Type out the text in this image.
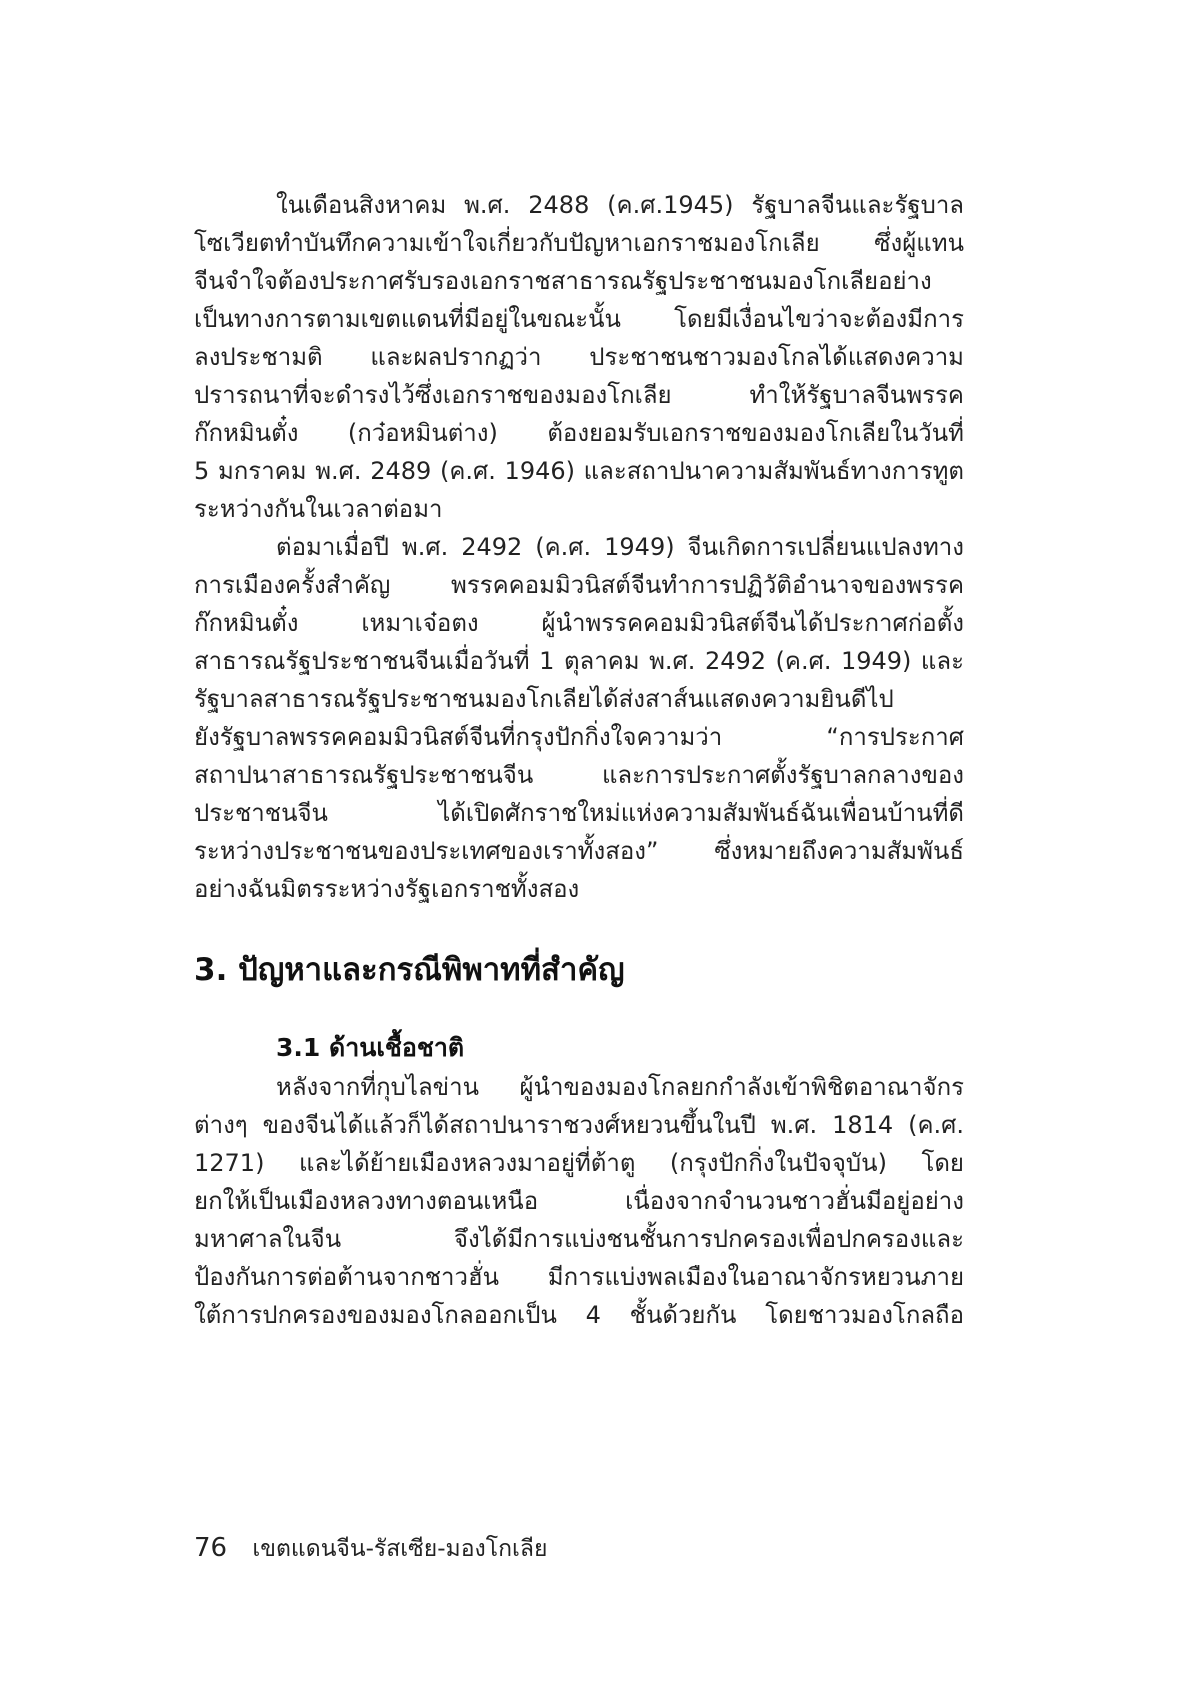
ในเดือนสิงหาคม พ.ศ. 2488 (ค.ศ.1945) รัฐบาลจีนและรัฐบาล
โซเวียตทำบันทึกความเข้าใจเกี่ยวกับปัญหาเอกราชมองโกเลีย ซึ่งผู้แทน
จีนจำใจต้องประกาศรับรองเอกราชสาธารณรัฐประชาชนมองโกเลียอย่าง
เป็นทางการตามเขตแดนที่มีอยู่ในขณะนั้น โดยมีเงื่อนไขว่าจะต้องมีการ
ลงประชามติ และผลปรากฏว่า ประชาชนชาวมองโกลได้แสดงความ
ปรารถนาที่จะดำรงไว้ซึ่งเอกราชของมองโกเลีย ทำให้รัฐบาลจีนพรรค
ก๊กหมินตั๋ง (กว๋อหมินต่าง) ต้องยอมรับเอกราชของมองโกเลียในวันที่
5 มกราคม พ.ศ. 2489 (ค.ศ. 1946) และสถาปนาความสัมพันธ์ทางการทูต
ระหว่างกันในเวลาต่อมา
ต่อมาเมื่อปี พ.ศ. 2492 (ค.ศ. 1949) จีนเกิดการเปลี่ยนแปลงทาง
การเมืองครั้งสำคัญ พรรคคอมมิวนิสต์จีนทำการปฏิวัติอำนาจของพรรค
ก๊กหมินตั๋ง เหมาเจ๋อตง ผู้นำพรรคคอมมิวนิสต์จีนได้ประกาศก่อตั้ง
สาธารณรัฐประชาชนจีนเมื่อวันที่ 1 ตุลาคม พ.ศ. 2492 (ค.ศ. 1949) และ
รัฐบาลสาธารณรัฐประชาชนมองโกเลียได้ส่งสาส์นแสดงความยินดีไป
ยังรัฐบาลพรรคคอมมิวนิสต์จีนที่กรุงปักกิ่งใจความว่า “การประกาศ
สถาปนาสาธารณรัฐประชาชนจีน และการประกาศตั้งรัฐบาลกลางของ
ประชาชนจีน ได้เปิดศักราชใหม่แห่งความสัมพันธ์ฉันเพื่อนบ้านที่ดี
ระหว่างประชาชนของประเทศของเราทั้งสอง” ซึ่งหมายถึงความสัมพันธ์
อย่างฉันมิตรระหว่างรัฐเอกราชทั้งสอง
3. ปัญหาและกรณีพิพาทที่สำคัญ
3.1 ด้านเชื้อชาติ
หลังจากที่กุบไลข่าน ผู้นำของมองโกลยกกำลังเข้าพิชิตอาณาจักร
ต่างๆ ของจีนได้แล้วก็ได้สถาปนาราชวงศ์หยวนขึ้นในปี พ.ศ. 1814 (ค.ศ.
1271) และได้ย้ายเมืองหลวงมาอยู่ที่ต้าตู (กรุงปักกิ่งในปัจจุบัน) โดย
ยกให้เป็นเมืองหลวงทางตอนเหนือ เนื่องจากจำนวนชาวฮั่นมีอยู่อย่าง
มหาศาลในจีน จึงได้มีการแบ่งชนชั้นการปกครองเพื่อปกครองและ
ป้องกันการต่อต้านจากชาวฮั่น มีการแบ่งพลเมืองในอาณาจักรหยวนภาย
ใต้การปกครองของมองโกลออกเป็น 4 ชั้นด้วยกัน โดยชาวมองโกลถือ
76 เขตแดนจีน-รัสเซีย-มองโกเลีย
